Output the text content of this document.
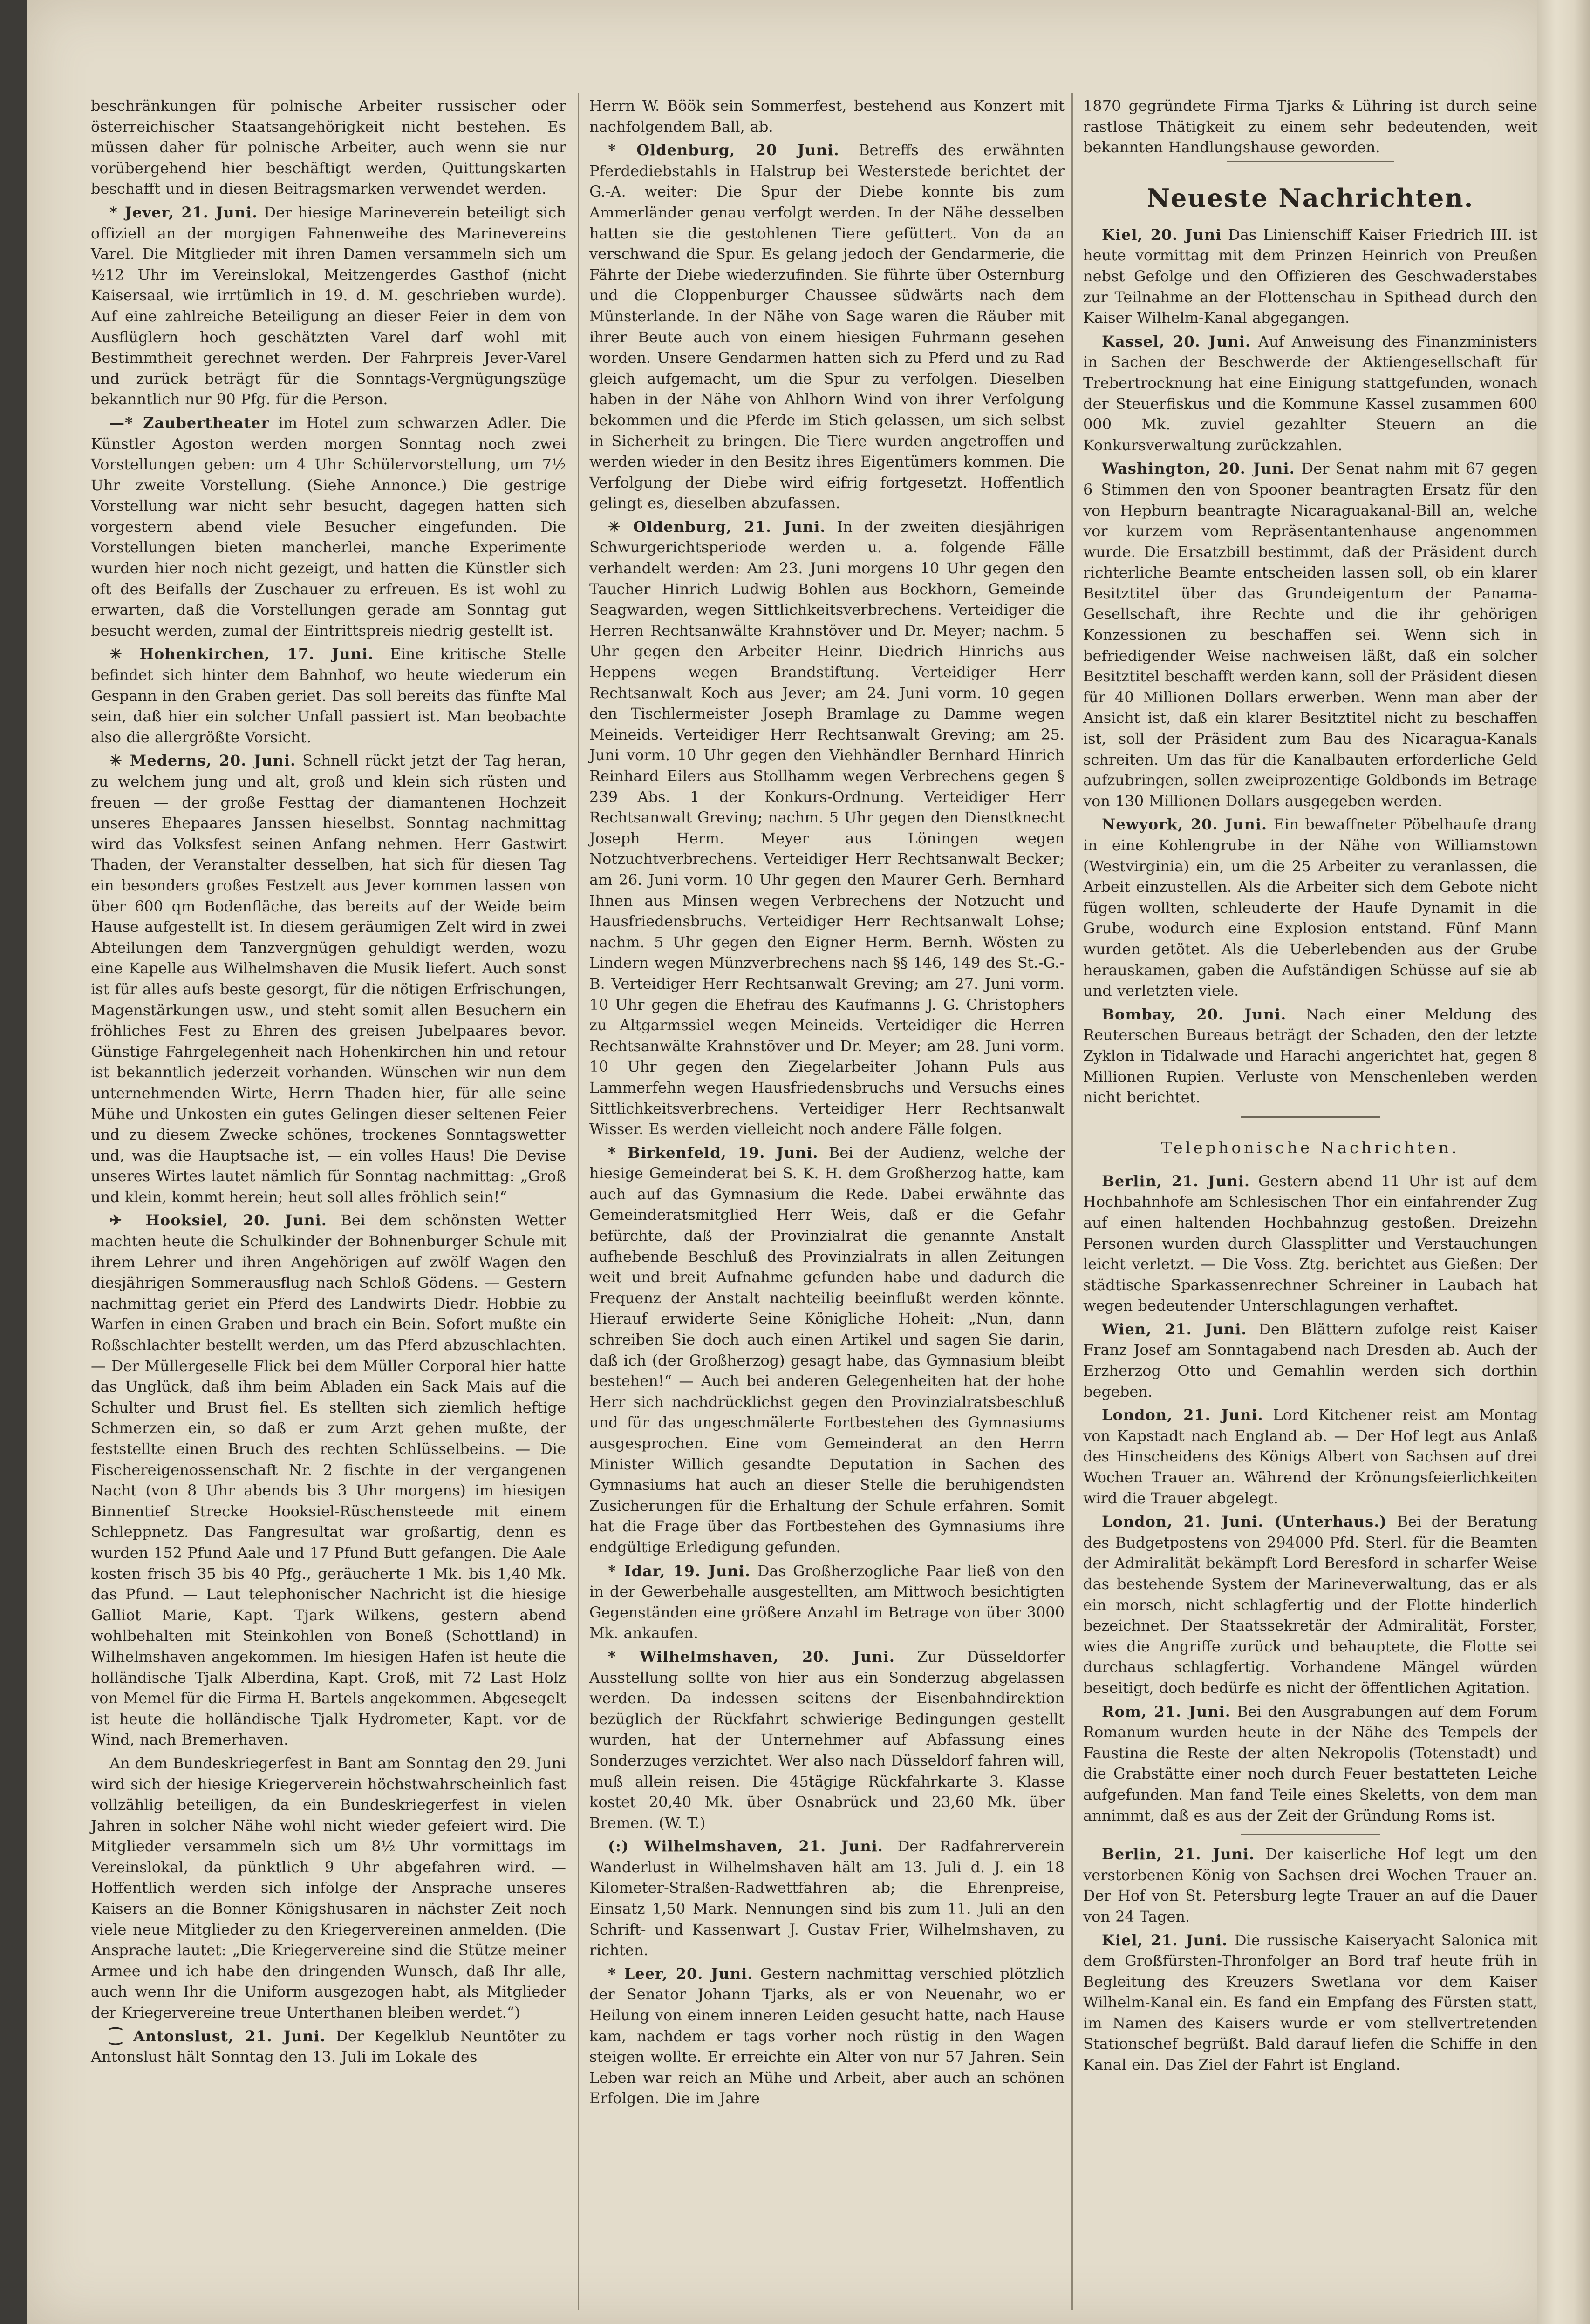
beschränkungen für polnische Arbeiter russischer oder österreichischer Staatsangehörigkeit nicht bestehen. Es müssen daher für polnische Arbeiter, auch wenn sie nur vorübergehend hier beschäftigt werden, Quittungskarten beschafft und in diesen Beitragsmarken verwendet werden.

* Jever, 21. Juni. Der hiesige Marineverein beteiligt sich offiziell an der morgigen Fahnenweihe des Marinevereins Varel. Die Mitglieder mit ihren Damen versammeln sich um ½12 Uhr im Vereinslokal, Meitzengerdes Gasthof (nicht Kaisersaal, wie irrtümlich in 19. d. M. geschrieben wurde). Auf eine zahlreiche Beteiligung an dieser Feier in dem von Ausflüglern hoch geschätzten Varel darf wohl mit Bestimmtheit gerechnet werden. Der Fahrpreis Jever-Varel und zurück beträgt für die Sonntags-Vergnügungszüge bekanntlich nur 90 Pfg. für die Person.

—* Zaubertheater im Hotel zum schwarzen Adler. Die Künstler Agoston werden morgen Sonntag noch zwei Vorstellungen geben: um 4 Uhr Schülervorstellung, um 7½ Uhr zweite Vorstellung. (Siehe Annonce.) Die gestrige Vorstellung war nicht sehr besucht, dagegen hatten sich vorgestern abend viele Besucher eingefunden. Die Vorstellungen bieten mancherlei, manche Experimente wurden hier noch nicht gezeigt, und hatten die Künstler sich oft des Beifalls der Zuschauer zu erfreuen. Es ist wohl zu erwarten, daß die Vorstellungen gerade am Sonntag gut besucht werden, zumal der Eintrittspreis niedrig gestellt ist.

✳ Hohenkirchen, 17. Juni. Eine kritische Stelle befindet sich hinter dem Bahnhof, wo heute wiederum ein Gespann in den Graben geriet. Das soll bereits das fünfte Mal sein, daß hier ein solcher Unfall passiert ist. Man beobachte also die allergrößte Vorsicht.

✳ Mederns, 20. Juni. Schnell rückt jetzt der Tag heran, zu welchem jung und alt, groß und klein sich rüsten und freuen — der große Festtag der diamantenen Hochzeit unseres Ehepaares Janssen hieselbst. Sonntag nachmittag wird das Volksfest seinen Anfang nehmen. Herr Gastwirt Thaden, der Veranstalter desselben, hat sich für diesen Tag ein besonders großes Festzelt aus Jever kommen lassen von über 600 qm Bodenfläche, das bereits auf der Weide beim Hause aufgestellt ist. In diesem geräumigen Zelt wird in zwei Abteilungen dem Tanzvergnügen gehuldigt werden, wozu eine Kapelle aus Wilhelmshaven die Musik liefert. Auch sonst ist für alles aufs beste gesorgt, für die nötigen Erfrischungen, Magenstärkungen usw., und steht somit allen Besuchern ein fröhliches Fest zu Ehren des greisen Jubelpaares bevor. Günstige Fahrgelegenheit nach Hohenkirchen hin und retour ist bekanntlich jederzeit vorhanden. Wünschen wir nun dem unternehmenden Wirte, Herrn Thaden hier, für alle seine Mühe und Unkosten ein gutes Gelingen dieser seltenen Feier und zu diesem Zwecke schönes, trockenes Sonntagswetter und, was die Hauptsache ist, — ein volles Haus! Die Devise unseres Wirtes lautet nämlich für Sonntag nachmittag: „Groß und klein, kommt herein; heut soll alles fröhlich sein!“

✈ Hooksiel, 20. Juni. Bei dem schönsten Wetter machten heute die Schulkinder der Bohnenburger Schule mit ihrem Lehrer und ihren Angehörigen auf zwölf Wagen den diesjährigen Sommerausflug nach Schloß Gödens. — Gestern nachmittag geriet ein Pferd des Landwirts Diedr. Hobbie zu Warfen in einen Graben und brach ein Bein. Sofort mußte ein Roßschlachter bestellt werden, um das Pferd abzuschlachten. — Der Müllergeselle Flick bei dem Müller Corporal hier hatte das Unglück, daß ihm beim Abladen ein Sack Mais auf die Schulter und Brust fiel. Es stellten sich ziemlich heftige Schmerzen ein, so daß er zum Arzt gehen mußte, der feststellte einen Bruch des rechten Schlüsselbeins. — Die Fischereigenossenschaft Nr. 2 fischte in der vergangenen Nacht (von 8 Uhr abends bis 3 Uhr morgens) im hiesigen Binnentief Strecke Hooksiel-Rüschensteede mit einem Schleppnetz. Das Fangresultat war großartig, denn es wurden 152 Pfund Aale und 17 Pfund Butt gefangen. Die Aale kosten frisch 35 bis 40 Pfg., geräucherte 1 Mk. bis 1,40 Mk. das Pfund. — Laut telephonischer Nachricht ist die hiesige Galliot Marie, Kapt. Tjark Wilkens, gestern abend wohlbehalten mit Steinkohlen von Boneß (Schottland) in Wilhelmshaven angekommen. Im hiesigen Hafen ist heute die holländische Tjalk Alberdina, Kapt. Groß, mit 72 Last Holz von Memel für die Firma H. Bartels angekommen. Abgesegelt ist heute die holländische Tjalk Hydrometer, Kapt. vor de Wind, nach Bremerhaven.

An dem Bundeskriegerfest in Bant am Sonntag den 29. Juni wird sich der hiesige Kriegerverein höchstwahrscheinlich fast vollzählig beteiligen, da ein Bundeskriegerfest in vielen Jahren in solcher Nähe wohl nicht wieder gefeiert wird. Die Mitglieder versammeln sich um 8½ Uhr vormittags im Vereinslokal, da pünktlich 9 Uhr abgefahren wird. — Hoffentlich werden sich infolge der Ansprache unseres Kaisers an die Bonner Königshusaren in nächster Zeit noch viele neue Mitglieder zu den Kriegervereinen anmelden. (Die Ansprache lautet: „Die Kriegervereine sind die Stütze meiner Armee und ich habe den dringenden Wunsch, daß Ihr alle, auch wenn Ihr die Uniform ausgezogen habt, als Mitglieder der Kriegervereine treue Unterthanen bleiben werdet.“)

⁐ Antonslust, 21. Juni. Der Kegelklub Neuntöter zu Antonslust hält Sonntag den 13. Juli im Lokale des

Herrn W. Böök sein Sommerfest, bestehend aus Konzert mit nachfolgendem Ball, ab.

* Oldenburg, 20 Juni. Betreffs des erwähnten Pferdediebstahls in Halstrup bei Westerstede berichtet der G.-A. weiter: Die Spur der Diebe konnte bis zum Ammerländer genau verfolgt werden. In der Nähe desselben hatten sie die gestohlenen Tiere gefüttert. Von da an verschwand die Spur. Es gelang jedoch der Gendarmerie, die Fährte der Diebe wiederzufinden. Sie führte über Osternburg und die Cloppenburger Chaussee südwärts nach dem Münsterlande. In der Nähe von Sage waren die Räuber mit ihrer Beute auch von einem hiesigen Fuhrmann gesehen worden. Unsere Gendarmen hatten sich zu Pferd und zu Rad gleich aufgemacht, um die Spur zu verfolgen. Dieselben haben in der Nähe von Ahlhorn Wind von ihrer Verfolgung bekommen und die Pferde im Stich gelassen, um sich selbst in Sicherheit zu bringen. Die Tiere wurden angetroffen und werden wieder in den Besitz ihres Eigentümers kommen. Die Verfolgung der Diebe wird eifrig fortgesetzt. Hoffentlich gelingt es, dieselben abzufassen.

✳ Oldenburg, 21. Juni. In der zweiten diesjährigen Schwurgerichtsperiode werden u. a. folgende Fälle verhandelt werden: Am 23. Juni morgens 10 Uhr gegen den Taucher Hinrich Ludwig Bohlen aus Bockhorn, Gemeinde Seagwarden, wegen Sittlichkeitsverbrechens. Verteidiger die Herren Rechtsanwälte Krahnstöver und Dr. Meyer; nachm. 5 Uhr gegen den Arbeiter Heinr. Diedrich Hinrichs aus Heppens wegen Brandstiftung. Verteidiger Herr Rechtsanwalt Koch aus Jever; am 24. Juni vorm. 10 gegen den Tischlermeister Joseph Bramlage zu Damme wegen Meineids. Verteidiger Herr Rechtsanwalt Greving; am 25. Juni vorm. 10 Uhr gegen den Viehhändler Bernhard Hinrich Reinhard Eilers aus Stollhamm wegen Verbrechens gegen § 239 Abs. 1 der Konkurs-Ordnung. Verteidiger Herr Rechtsanwalt Greving; nachm. 5 Uhr gegen den Dienstknecht Joseph Herm. Meyer aus Löningen wegen Notzuchtverbrechens. Verteidiger Herr Rechtsanwalt Becker; am 26. Juni vorm. 10 Uhr gegen den Maurer Gerh. Bernhard Ihnen aus Minsen wegen Verbrechens der Notzucht und Hausfriedensbruchs. Verteidiger Herr Rechtsanwalt Lohse; nachm. 5 Uhr gegen den Eigner Herm. Bernh. Wösten zu Lindern wegen Münzverbrechens nach §§ 146, 149 des St.-G.-B. Verteidiger Herr Rechtsanwalt Greving; am 27. Juni vorm. 10 Uhr gegen die Ehefrau des Kaufmanns J. G. Christophers zu Altgarmssiel wegen Meineids. Verteidiger die Herren Rechtsanwälte Krahnstöver und Dr. Meyer; am 28. Juni vorm. 10 Uhr gegen den Ziegelarbeiter Johann Puls aus Lammerfehn wegen Hausfriedensbruchs und Versuchs eines Sittlichkeitsverbrechens. Verteidiger Herr Rechtsanwalt Wisser. Es werden vielleicht noch andere Fälle folgen.

* Birkenfeld, 19. Juni. Bei der Audienz, welche der hiesige Gemeinderat bei S. K. H. dem Großherzog hatte, kam auch auf das Gymnasium die Rede. Dabei erwähnte das Gemeinderatsmitglied Herr Weis, daß er die Gefahr befürchte, daß der Provinzialrat die genannte Anstalt aufhebende Beschluß des Provinzialrats in allen Zeitungen weit und breit Aufnahme gefunden habe und dadurch die Frequenz der Anstalt nachteilig beeinflußt werden könnte. Hierauf erwiderte Seine Königliche Hoheit: „Nun, dann schreiben Sie doch auch einen Artikel und sagen Sie darin, daß ich (der Großherzog) gesagt habe, das Gymnasium bleibt bestehen!“ — Auch bei anderen Gelegenheiten hat der hohe Herr sich nachdrücklichst gegen den Provinzialratsbeschluß und für das ungeschmälerte Fortbestehen des Gymnasiums ausgesprochen. Eine vom Gemeinderat an den Herrn Minister Willich gesandte Deputation in Sachen des Gymnasiums hat auch an dieser Stelle die beruhigendsten Zusicherungen für die Erhaltung der Schule erfahren. Somit hat die Frage über das Fortbestehen des Gymnasiums ihre endgültige Erledigung gefunden.

* Idar, 19. Juni. Das Großherzogliche Paar ließ von den in der Gewerbehalle ausgestellten, am Mittwoch besichtigten Gegenständen eine größere Anzahl im Betrage von über 3000 Mk. ankaufen.

* Wilhelmshaven, 20. Juni. Zur Düsseldorfer Ausstellung sollte von hier aus ein Sonderzug abgelassen werden. Da indessen seitens der Eisenbahndirektion bezüglich der Rückfahrt schwierige Bedingungen gestellt wurden, hat der Unternehmer auf Abfassung eines Sonderzuges verzichtet. Wer also nach Düsseldorf fahren will, muß allein reisen. Die 45tägige Rückfahrkarte 3. Klasse kostet 20,40 Mk. über Osnabrück und 23,60 Mk. über Bremen. (W. T.)

(:) Wilhelmshaven, 21. Juni. Der Radfahrerverein Wanderlust in Wilhelmshaven hält am 13. Juli d. J. ein 18 Kilometer-Straßen-Radwettfahren ab; die Ehrenpreise, Einsatz 1,50 Mark. Nennungen sind bis zum 11. Juli an den Schrift- und Kassenwart J. Gustav Frier, Wilhelmshaven, zu richten.

* Leer, 20. Juni. Gestern nachmittag verschied plötzlich der Senator Johann Tjarks, als er von Neuenahr, wo er Heilung von einem inneren Leiden gesucht hatte, nach Hause kam, nachdem er tags vorher noch rüstig in den Wagen steigen wollte. Er erreichte ein Alter von nur 57 Jahren. Sein Leben war reich an Mühe und Arbeit, aber auch an schönen Erfolgen. Die im Jahre

1870 gegründete Firma Tjarks & Lühring ist durch seine rastlose Thätigkeit zu einem sehr bedeutenden, weit bekannten Handlungshause geworden.

Neueste Nachrichten.

Kiel, 20. Juni Das Linienschiff Kaiser Friedrich III. ist heute vormittag mit dem Prinzen Heinrich von Preußen nebst Gefolge und den Offizieren des Geschwaderstabes zur Teilnahme an der Flottenschau in Spithead durch den Kaiser Wilhelm-Kanal abgegangen.

Kassel, 20. Juni. Auf Anweisung des Finanzministers in Sachen der Beschwerde der Aktiengesellschaft für Trebertrocknung hat eine Einigung stattgefunden, wonach der Steuerfiskus und die Kommune Kassel zusammen 600 000 Mk. zuviel gezahlter Steuern an die Konkursverwaltung zurückzahlen.

Washington, 20. Juni. Der Senat nahm mit 67 gegen 6 Stimmen den von Spooner beantragten Ersatz für den von Hepburn beantragte Nicaraguakanal-Bill an, welche vor kurzem vom Repräsentantenhause angenommen wurde. Die Ersatzbill bestimmt, daß der Präsident durch richterliche Beamte entscheiden lassen soll, ob ein klarer Besitztitel über das Grundeigentum der Panama-Gesellschaft, ihre Rechte und die ihr gehörigen Konzessionen zu beschaffen sei. Wenn sich in befriedigender Weise nachweisen läßt, daß ein solcher Besitztitel beschafft werden kann, soll der Präsident diesen für 40 Millionen Dollars erwerben. Wenn man aber der Ansicht ist, daß ein klarer Besitztitel nicht zu beschaffen ist, soll der Präsident zum Bau des Nicaragua-Kanals schreiten. Um das für die Kanalbauten erforderliche Geld aufzubringen, sollen zweiprozentige Goldbonds im Betrage von 130 Millionen Dollars ausgegeben werden.

Newyork, 20. Juni. Ein bewaffneter Pöbelhaufe drang in eine Kohlengrube in der Nähe von Williamstown (Westvirginia) ein, um die 25 Arbeiter zu veranlassen, die Arbeit einzustellen. Als die Arbeiter sich dem Gebote nicht fügen wollten, schleuderte der Haufe Dynamit in die Grube, wodurch eine Explosion entstand. Fünf Mann wurden getötet. Als die Ueberlebenden aus der Grube herauskamen, gaben die Aufständigen Schüsse auf sie ab und verletzten viele.

Bombay, 20. Juni. Nach einer Meldung des Reuterschen Bureaus beträgt der Schaden, den der letzte Zyklon in Tidalwade und Harachi angerichtet hat, gegen 8 Millionen Rupien. Verluste von Menschenleben werden nicht berichtet.

Telephonische Nachrichten.

Berlin, 21. Juni. Gestern abend 11 Uhr ist auf dem Hochbahnhofe am Schlesischen Thor ein einfahrender Zug auf einen haltenden Hochbahnzug gestoßen. Dreizehn Personen wurden durch Glassplitter und Verstauchungen leicht verletzt. — Die Voss. Ztg. berichtet aus Gießen: Der städtische Sparkassenrechner Schreiner in Laubach hat wegen bedeutender Unterschlagungen verhaftet.

Wien, 21. Juni. Den Blättern zufolge reist Kaiser Franz Josef am Sonntagabend nach Dresden ab. Auch der Erzherzog Otto und Gemahlin werden sich dorthin begeben.

London, 21. Juni. Lord Kitchener reist am Montag von Kapstadt nach England ab. — Der Hof legt aus Anlaß des Hinscheidens des Königs Albert von Sachsen auf drei Wochen Trauer an. Während der Krönungsfeierlichkeiten wird die Trauer abgelegt.

London, 21. Juni. (Unterhaus.) Bei der Beratung des Budgetpostens von 294000 Pfd. Sterl. für die Beamten der Admiralität bekämpft Lord Beresford in scharfer Weise das bestehende System der Marineverwaltung, das er als ein morsch, nicht schlagfertig und der Flotte hinderlich bezeichnet. Der Staatssekretär der Admiralität, Forster, wies die Angriffe zurück und behauptete, die Flotte sei durchaus schlagfertig. Vorhandene Mängel würden beseitigt, doch bedürfe es nicht der öffentlichen Agitation.

Rom, 21. Juni. Bei den Ausgrabungen auf dem Forum Romanum wurden heute in der Nähe des Tempels der Faustina die Reste der alten Nekropolis (Totenstadt) und die Grabstätte einer noch durch Feuer bestatteten Leiche aufgefunden. Man fand Teile eines Skeletts, von dem man annimmt, daß es aus der Zeit der Gründung Roms ist.

Berlin, 21. Juni. Der kaiserliche Hof legt um den verstorbenen König von Sachsen drei Wochen Trauer an. Der Hof von St. Petersburg legte Trauer an auf die Dauer von 24 Tagen.

Kiel, 21. Juni. Die russische Kaiseryacht Salonica mit dem Großfürsten-Thronfolger an Bord traf heute früh in Begleitung des Kreuzers Swetlana vor dem Kaiser Wilhelm-Kanal ein. Es fand ein Empfang des Fürsten statt, im Namen des Kaisers wurde er vom stellvertretenden Stationschef begrüßt. Bald darauf liefen die Schiffe in den Kanal ein. Das Ziel der Fahrt ist England.
